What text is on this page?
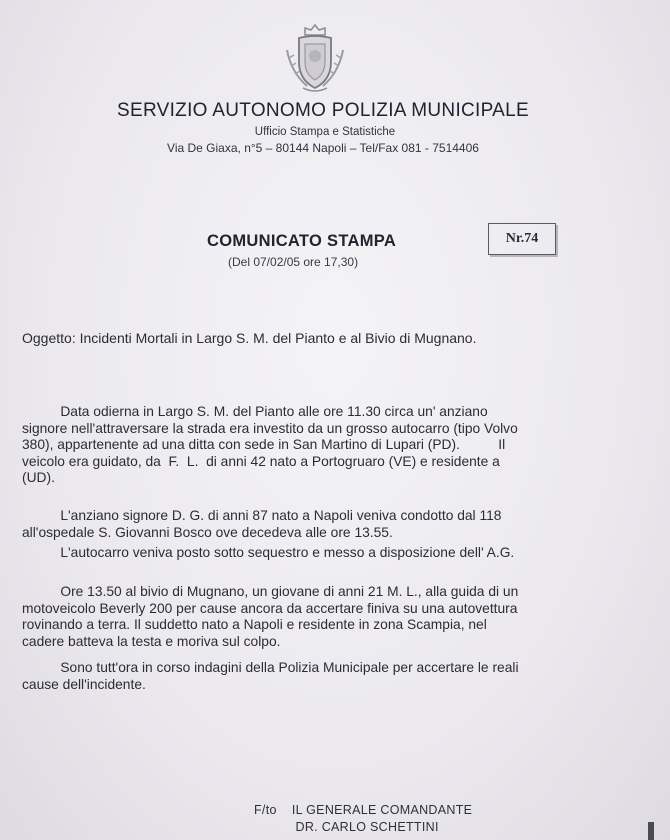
SERVIZIO AUTONOMO POLIZIA MUNICIPALE
Ufficio Stampa e Statistiche
Via De Giaxa, n°5 – 80144 Napoli – Tel/Fax 081 - 7514406
COMUNICATO STAMPA
(Del 07/02/05 ore 17,30)
Nr.74
Oggetto: Incidenti Mortali in Largo S. M. del Pianto e al Bivio di Mugnano.
Data odierna in Largo S. M. del Pianto alle ore 11.30 circa un' anziano
signore nell'attraversare la strada era investito da un grosso autocarro (tipo Volvo
380), appartenente ad una ditta con sede in San Martino di Lupari (PD).          Il
veicolo era guidato, da  F.  L.  di anni 42 nato a Portogruaro (VE) e residente a
(UD).
L'anziano signore D. G. di anni 87 nato a Napoli veniva condotto dal 118
all'ospedale S. Giovanni Bosco ove decedeva alle ore 13.55.
L'autocarro veniva posto sotto sequestro e messo a disposizione dell' A.G.
Ore 13.50 al bivio di Mugnano, un giovane di anni 21 M. L., alla guida di un
motoveicolo Beverly 200 per cause ancora da accertare finiva su una autovettura
rovinando a terra. Il suddetto nato a Napoli e residente in zona Scampia, nel
cadere batteva la testa e moriva sul colpo.
Sono tutt'ora in corso indagini della Polizia Municipale per accertare le reali
cause dell'incidente.
F/to    IL GENERALE COMANDANTE
DR. CARLO SCHETTINI
